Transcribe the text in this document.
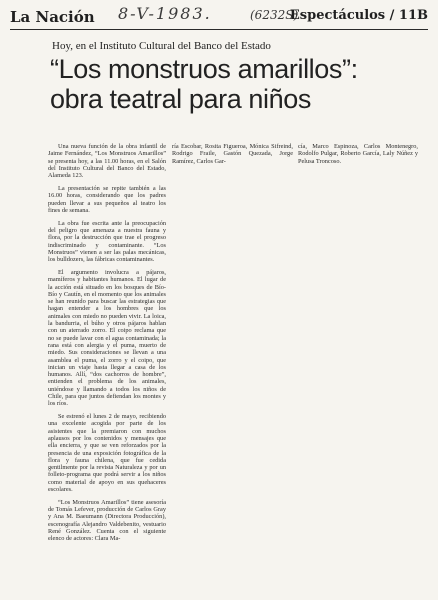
La Nación 8-V-1983.	(6232S)
Espectáculos / 11B
Hoy, en el Instituto Cultural del Banco del Estado
“Los monstruos amarillos”:
obra teatral para niños

Una nueva función de la obra infantil de Jaime Fernández, “Los Monstruos Amarillos” se presenta hoy, a las 11.00 horas, en el Salón del Instituto Cultural del Banco del Estado, Alameda 123.

La presentación se repite también a las 16.00 horas, considerando que los padres pueden llevar a sus pequeños al teatro los fines de semana.

La obra fue escrita ante la preocupación del peligro que amenaza a nuestra fauna y flora, por la destrucción que trae el progreso indiscriminado y contaminante. “Los Monstruos” vienen a ser las palas mecánicas, los bulldozers, las fábricas contaminantes.

El argumento involucra a pájaros, mamíferos y habitantes humanos. El lugar de la acción está situado en los bosques de Bío-Bío y Cautín, en el momento que los animales se han reunido para buscar las estrategias que hagan entender a los hombres que los animales con miedo no pueden vivir. La loica, la bandurria, el búho y otros pájaros hablan con un aterrado zorro. El coipo reclama que no se puede lavar con el agua contaminada; la rana está con alergia y el puma, muerto de miedo. Sus consideraciones se llevan a una asamblea el puma, el zorro y el coipo, que inician un viaje hasta llegar a casa de los humanos. Allí, “dos cachorros de hombre”, entienden el problema de los animales, uniéndose y llamando a todos los niños de Chile, para que juntos defiendan los montes y los ríos.

Se estrenó el lunes 2 de mayo, recibiendo una excelente acogida por parte de los asistentes que la premiaron con muchos aplausos por los contenidos y mensajes que ella encierra, y que se ven reforzados por la presencia de una exposición fotográfica de la flora y fauna chilena, que fue cedida gentilmente por la revista Naturaleza y por un folleto-programa que podrá servir a los niños como material de apoyo en sus quehaceres escolares.

“Los Monstruos Amarillos” tiene asesoría de Tomás Lefever, producción de Carlos Gray y Ana M. Baeumann (Directora Producción), escenografía Alejandro Valdebenito, vestuario René González. Cuenta con el siguiente elenco de actores: Clara Ma-

ría Escobar, Rosita Figueroa, Mónica Sifreind, Rodrigo Fraile, Gastón Quezada, Jorge Ramírez, Carlos Gar-

cía, Marco Espinoza, Carlos Montenegro, Rodolfo Pulgar, Roberto García, Laly Núñez y Pelusa Troncoso.
